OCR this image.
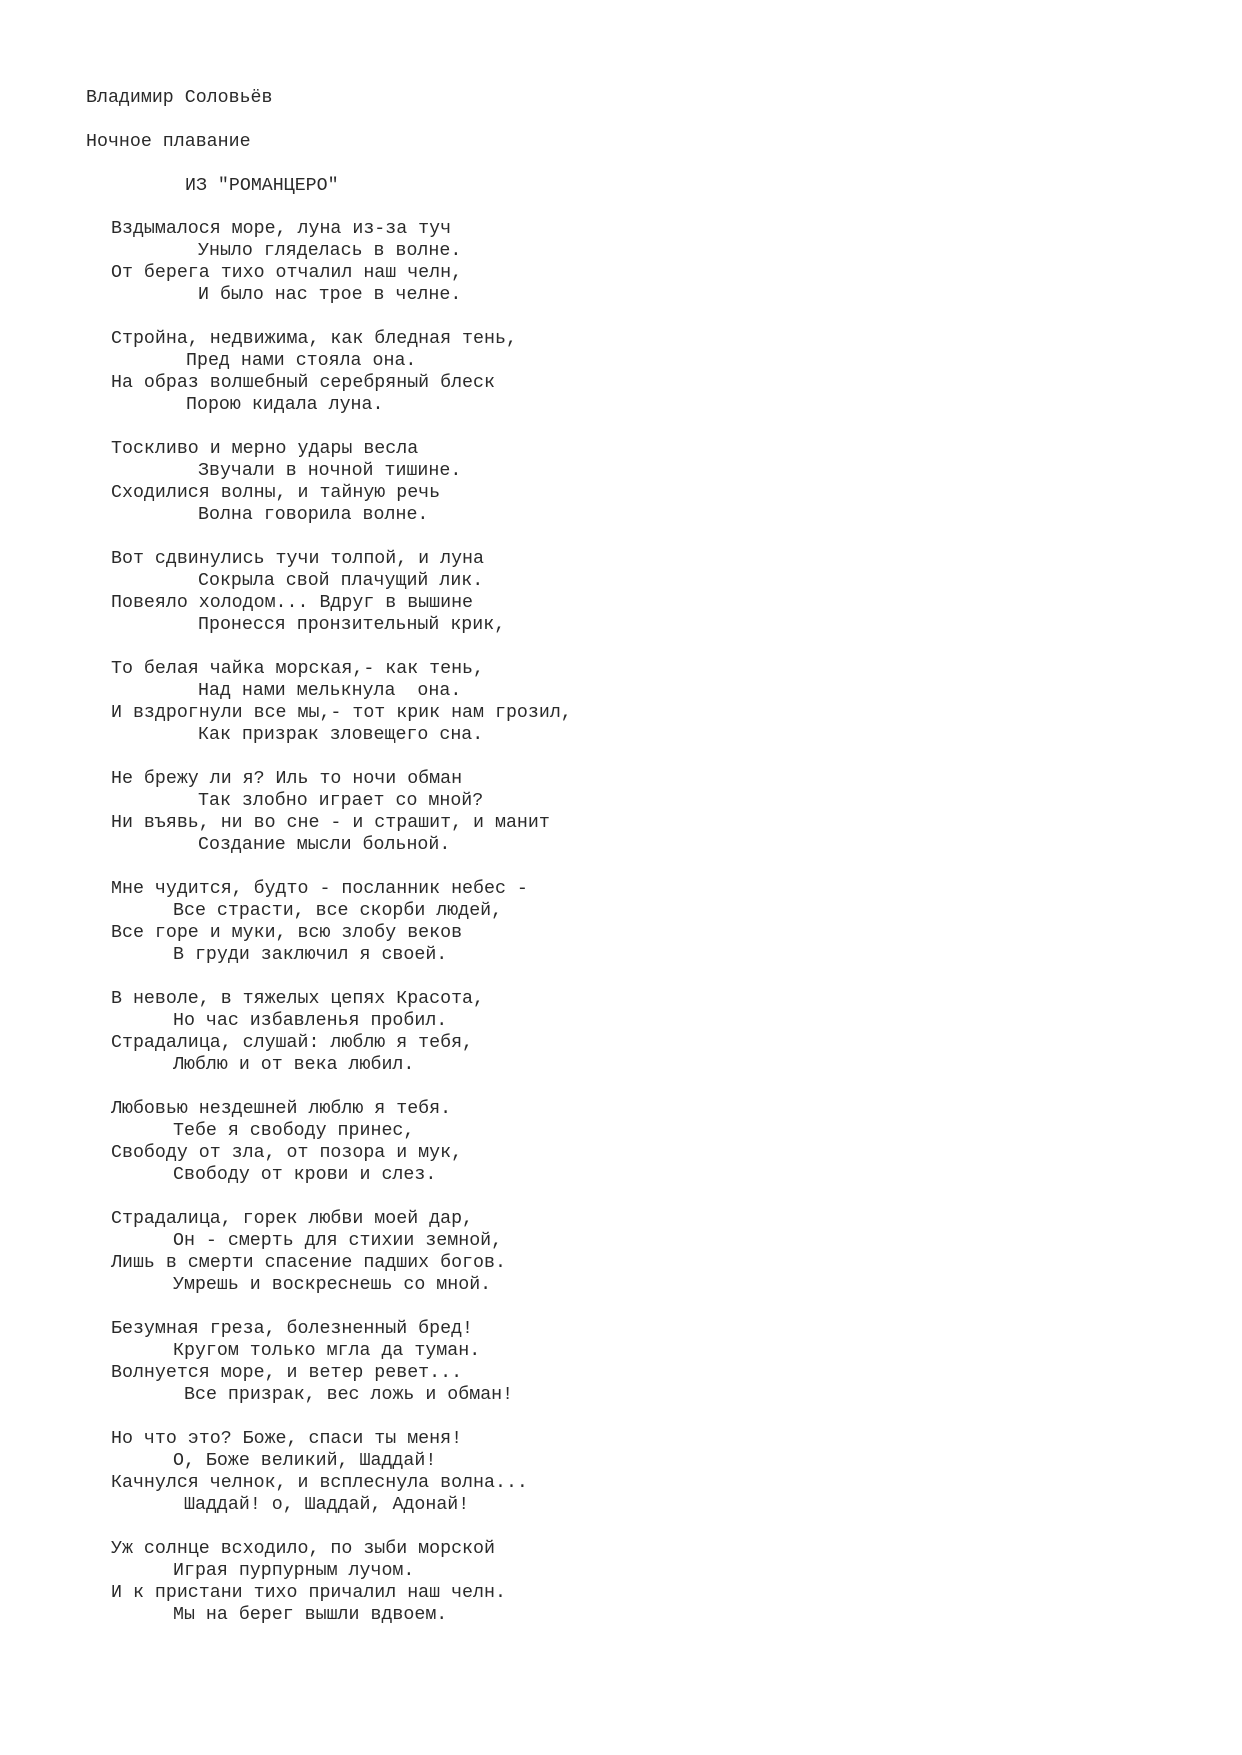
Владимир Соловьёв
Ночное плавание
ИЗ "РОМАНЦЕРО"
Вздымалося море, луна из-за туч
Уныло гляделась в волне.
От берега тихо отчалил наш челн,
И было нас трое в челне.
Стройна, недвижима, как бледная тень,
Пред нами стояла она.
На образ волшебный серебряный блеск
Порою кидала луна.
Тоскливо и мерно удары весла
Звучали в ночной тишине.
Сходилися волны, и тайную речь
Волна говорила волне.
Вот сдвинулись тучи толпой, и луна
Сокрыла свой плачущий лик.
Повеяло холодом... Вдруг в вышине
Пронесся пронзительный крик,
То белая чайка морская,- как тень,
Над нами мелькнула  она.
И вздрогнули все мы,- тот крик нам грозил,
Как призрак зловещего сна.
Не брежу ли я? Иль то ночи обман
Так злобно играет со мной?
Ни въявь, ни во сне - и страшит, и манит
Создание мысли больной.
Мне чудится, будто - посланник небес -
Все страсти, все скорби людей,
Все горе и муки, всю злобу веков
В груди заключил я своей.
В неволе, в тяжелых цепях Красота,
Но час избавленья пробил.
Страдалица, слушай: люблю я тебя,
Люблю и от века любил.
Любовью нездешней люблю я тебя.
Тебе я свободу принес,
Свободу от зла, от позора и мук,
Свободу от крови и слез.
Страдалица, горек любви моей дар,
Он - смерть для стихии земной,
Лишь в смерти спасение падших богов.
Умрешь и воскреснешь со мной.
Безумная греза, болезненный бред!
Кругом только мгла да туман.
Волнуется море, и ветер ревет...
Все призрак, вес ложь и обман!
Но что это? Боже, спаси ты меня!
О, Боже великий, Шаддай!
Качнулся челнок, и всплеснула волна...
Шаддай! о, Шаддай, Адонай!
Уж солнце всходило, по зыби морской
Играя пурпурным лучом.
И к пристани тихо причалил наш челн.
Мы на берег вышли вдвоем.
